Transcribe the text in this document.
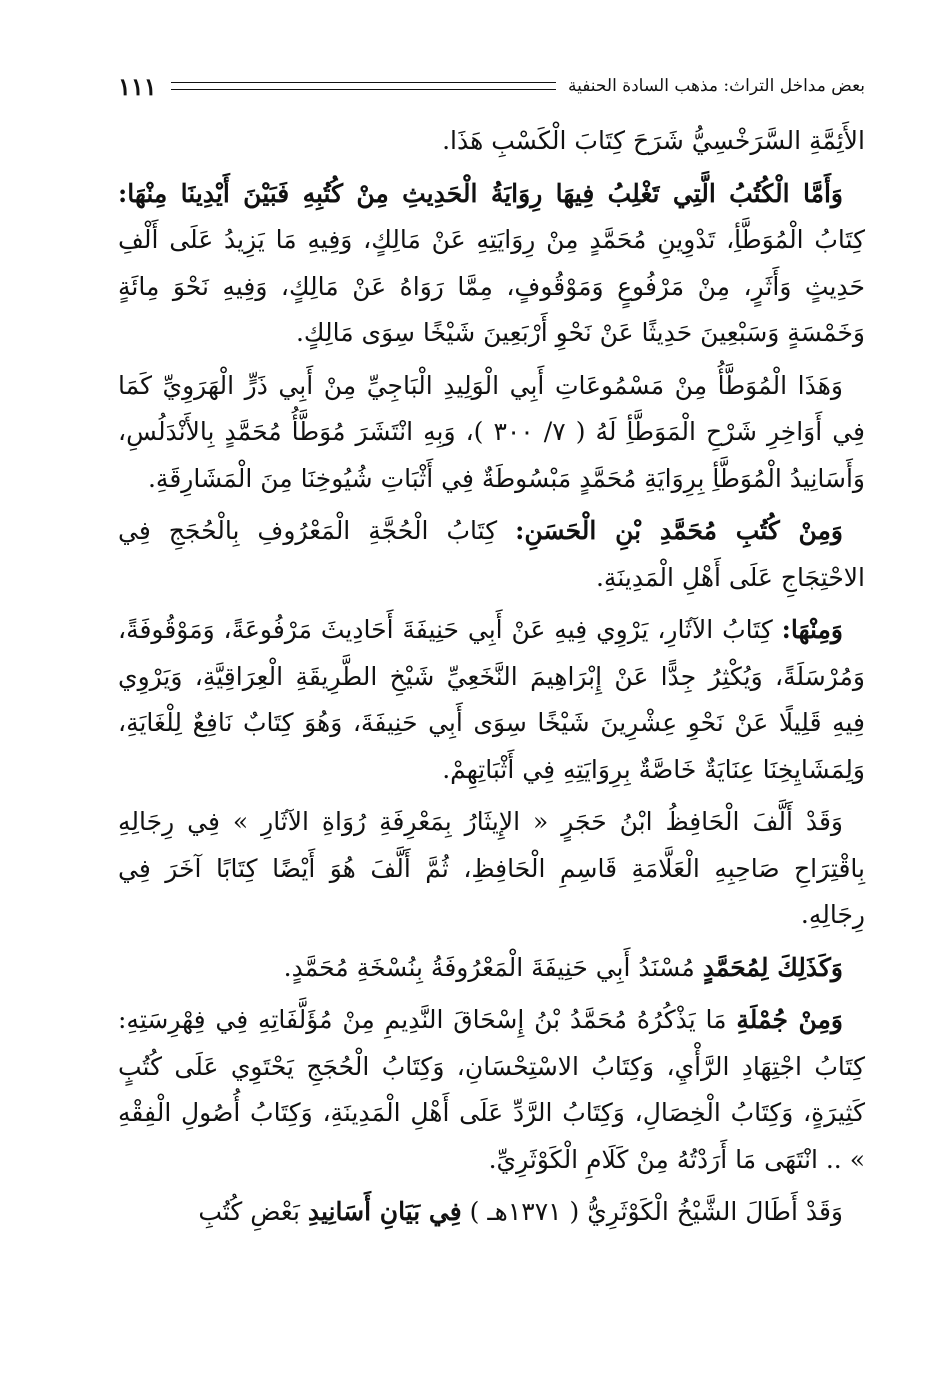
بعض مداخل التراث: مذهب السادة الحنفية
١١١

الأَئِمَّةِ السَّرَخْسِيُّ شَرَحَ كِتَابَ الْكَسْبِ هَذَا.

وَأَمَّا الْكُتُبُ الَّتِي تَغْلِبُ فِيهَا رِوَايَةُ الْحَدِيثِ مِنْ كُتُبِهِ فَبَيْنَ أَيْدِينَا مِنْهَا: كِتَابُ الْمُوَطَّأِ، تَدْوِينِ مُحَمَّدٍ مِنْ رِوَايَتِهِ عَنْ مَالِكٍ، وَفِيهِ مَا يَزِيدُ عَلَى أَلْفِ حَدِيثٍ وَأَثَرٍ، مِنْ مَرْفُوعٍ وَمَوْقُوفٍ، مِمَّا رَوَاهُ عَنْ مَالِكٍ، وَفِيهِ نَحْوَ مِائَةٍ وَخَمْسَةٍ وَسَبْعِينَ حَدِيثًا عَنْ نَحْوِ أَرْبَعِينَ شَيْخًا سِوَى مَالِكٍ.

وَهَذَا الْمُوَطَّأُ مِنْ مَسْمُوعَاتِ أَبِي الْوَلِيدِ الْبَاجِيِّ مِنْ أَبِي ذَرٍّ الْهَرَوِيِّ كَمَا فِي أَوَاخِرِ شَرْحِ الْمَوَطَّأِ لَهُ ( ٧/ ٣٠٠ )، وَبِهِ انْتَشَرَ مُوَطَّأُ مُحَمَّدٍ بِالأَنْدَلُسِ، وَأَسَانِيدُ الْمُوَطَّأِ بِرِوَايَةِ مُحَمَّدٍ مَبْسُوطَةٌ فِي أَثْبَاتِ شُيُوخِنَا مِنَ الْمَشَارِقَةِ.

وَمِنْ كُتُبِ مُحَمَّدِ بْنِ الْحَسَنِ: كِتَابُ الْحُجَّةِ الْمَعْرُوفِ بِالْحُجَجِ فِي الاحْتِجَاجِ عَلَى أَهْلِ الْمَدِينَةِ.

وَمِنْهَا: كِتَابُ الآثَارِ، يَرْوِي فِيهِ عَنْ أَبِي حَنِيفَةَ أَحَادِيثَ مَرْفُوعَةً، وَمَوْقُوفَةً، وَمُرْسَلَةً، وَيُكْثِرُ جِدًّا عَنْ إِبْرَاهِيمَ النَّخَعِيِّ شَيْخِ الطَّرِيقَةِ الْعِرَاقِيَّةِ، وَيَرْوِي فِيهِ قَلِيلًا عَنْ نَحْوِ عِشْرِينَ شَيْخًا سِوَى أَبِي حَنِيفَةَ، وَهُوَ كِتَابٌ نَافِعٌ لِلْغَايَةِ، وَلِمَشَايِخِنَا عِنَايَةٌ خَاصَّةٌ بِرِوَايَتِهِ فِي أَثْبَاتِهِمْ.

وَقَدْ أَلَّفَ الْحَافِظُ ابْنُ حَجَرٍ « الإِيثَارُ بِمَعْرِفَةِ رُوَاةِ الآثَارِ » فِي رِجَالِهِ بِاقْتِرَاحِ صَاحِبِهِ الْعَلَّامَةِ قَاسِمِ الْحَافِظِ، ثُمَّ أَلَّفَ هُوَ أَيْضًا كِتَابًا آخَرَ فِي رِجَالِهِ.

وَكَذَلِكَ لِمُحَمَّدٍ مُسْنَدُ أَبِي حَنِيفَةَ الْمَعْرُوفَةُ بِنُسْخَةِ مُحَمَّدٍ.

وَمِنْ جُمْلَةِ مَا يَذْكُرُهُ مُحَمَّدُ بْنُ إِسْحَاقَ النَّدِيمِ مِنْ مُؤَلَّفَاتِهِ فِي فِهْرِسَتِهِ: كِتَابُ اجْتِهَادِ الرَّأْيِ، وَكِتَابُ الاسْتِحْسَانِ، وَكِتَابُ الْحُجَجِ يَحْتَوِي عَلَى كُتُبٍ كَثِيرَةٍ، وَكِتَابُ الْخِصَالِ، وَكِتَابُ الرَّدِّ عَلَى أَهْلِ الْمَدِينَةِ، وَكِتَابُ أُصُولِ الْفِقْهِ » .. انْتَهَى مَا أَرَدْتُهُ مِنْ كَلَامِ الْكَوْثَرِيِّ.

وَقَدْ أَطَالَ الشَّيْخُ الْكَوْثَرِيُّ ( ١٣٧١هـ ) فِي بَيَانِ أَسَانِيدِ بَعْضِ كُتُبِ
